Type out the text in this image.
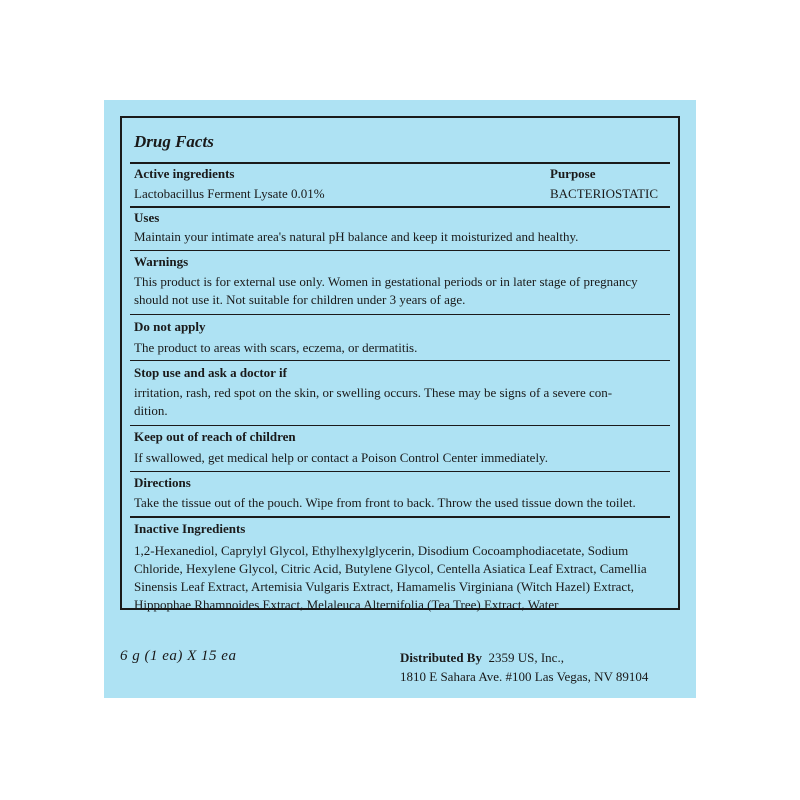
Drug Facts
Active ingredients	Purpose
Lactobacillus Ferment Lysate 0.01%	BACTERIOSTATIC
Uses
Maintain your intimate area's natural pH balance and keep it moisturized and healthy.
Warnings
This product is for external use only. Women in gestational periods or in later stage of pregnancy
should not use it. Not suitable for children under 3 years of age.
Do not apply
The product to areas with scars, eczema, or dermatitis.
Stop use and ask a doctor if
irritation, rash, red spot on the skin, or swelling occurs. These may be signs of a severe con-
dition.
Keep out of reach of children
If swallowed, get medical help or contact a Poison Control Center immediately.
Directions
Take the tissue out of the pouch. Wipe from front to back. Throw the used tissue down the toilet.
Inactive Ingredients
1,2-Hexanediol, Caprylyl Glycol, Ethylhexylglycerin, Disodium Cocoamphodiacetate, Sodium
Chloride, Hexylene Glycol, Citric Acid, Butylene Glycol, Centella Asiatica Leaf Extract, Camellia
Sinensis Leaf Extract, Artemisia Vulgaris Extract, Hamamelis Virginiana (Witch Hazel) Extract,
Hippophae Rhamnoides Extract, Melaleuca Alternifolia (Tea Tree) Extract, Water
6 g (1 ea) X 15 ea	Distributed By 2359 US, Inc.,
1810 E Sahara Ave. #100 Las Vegas, NV 89104
